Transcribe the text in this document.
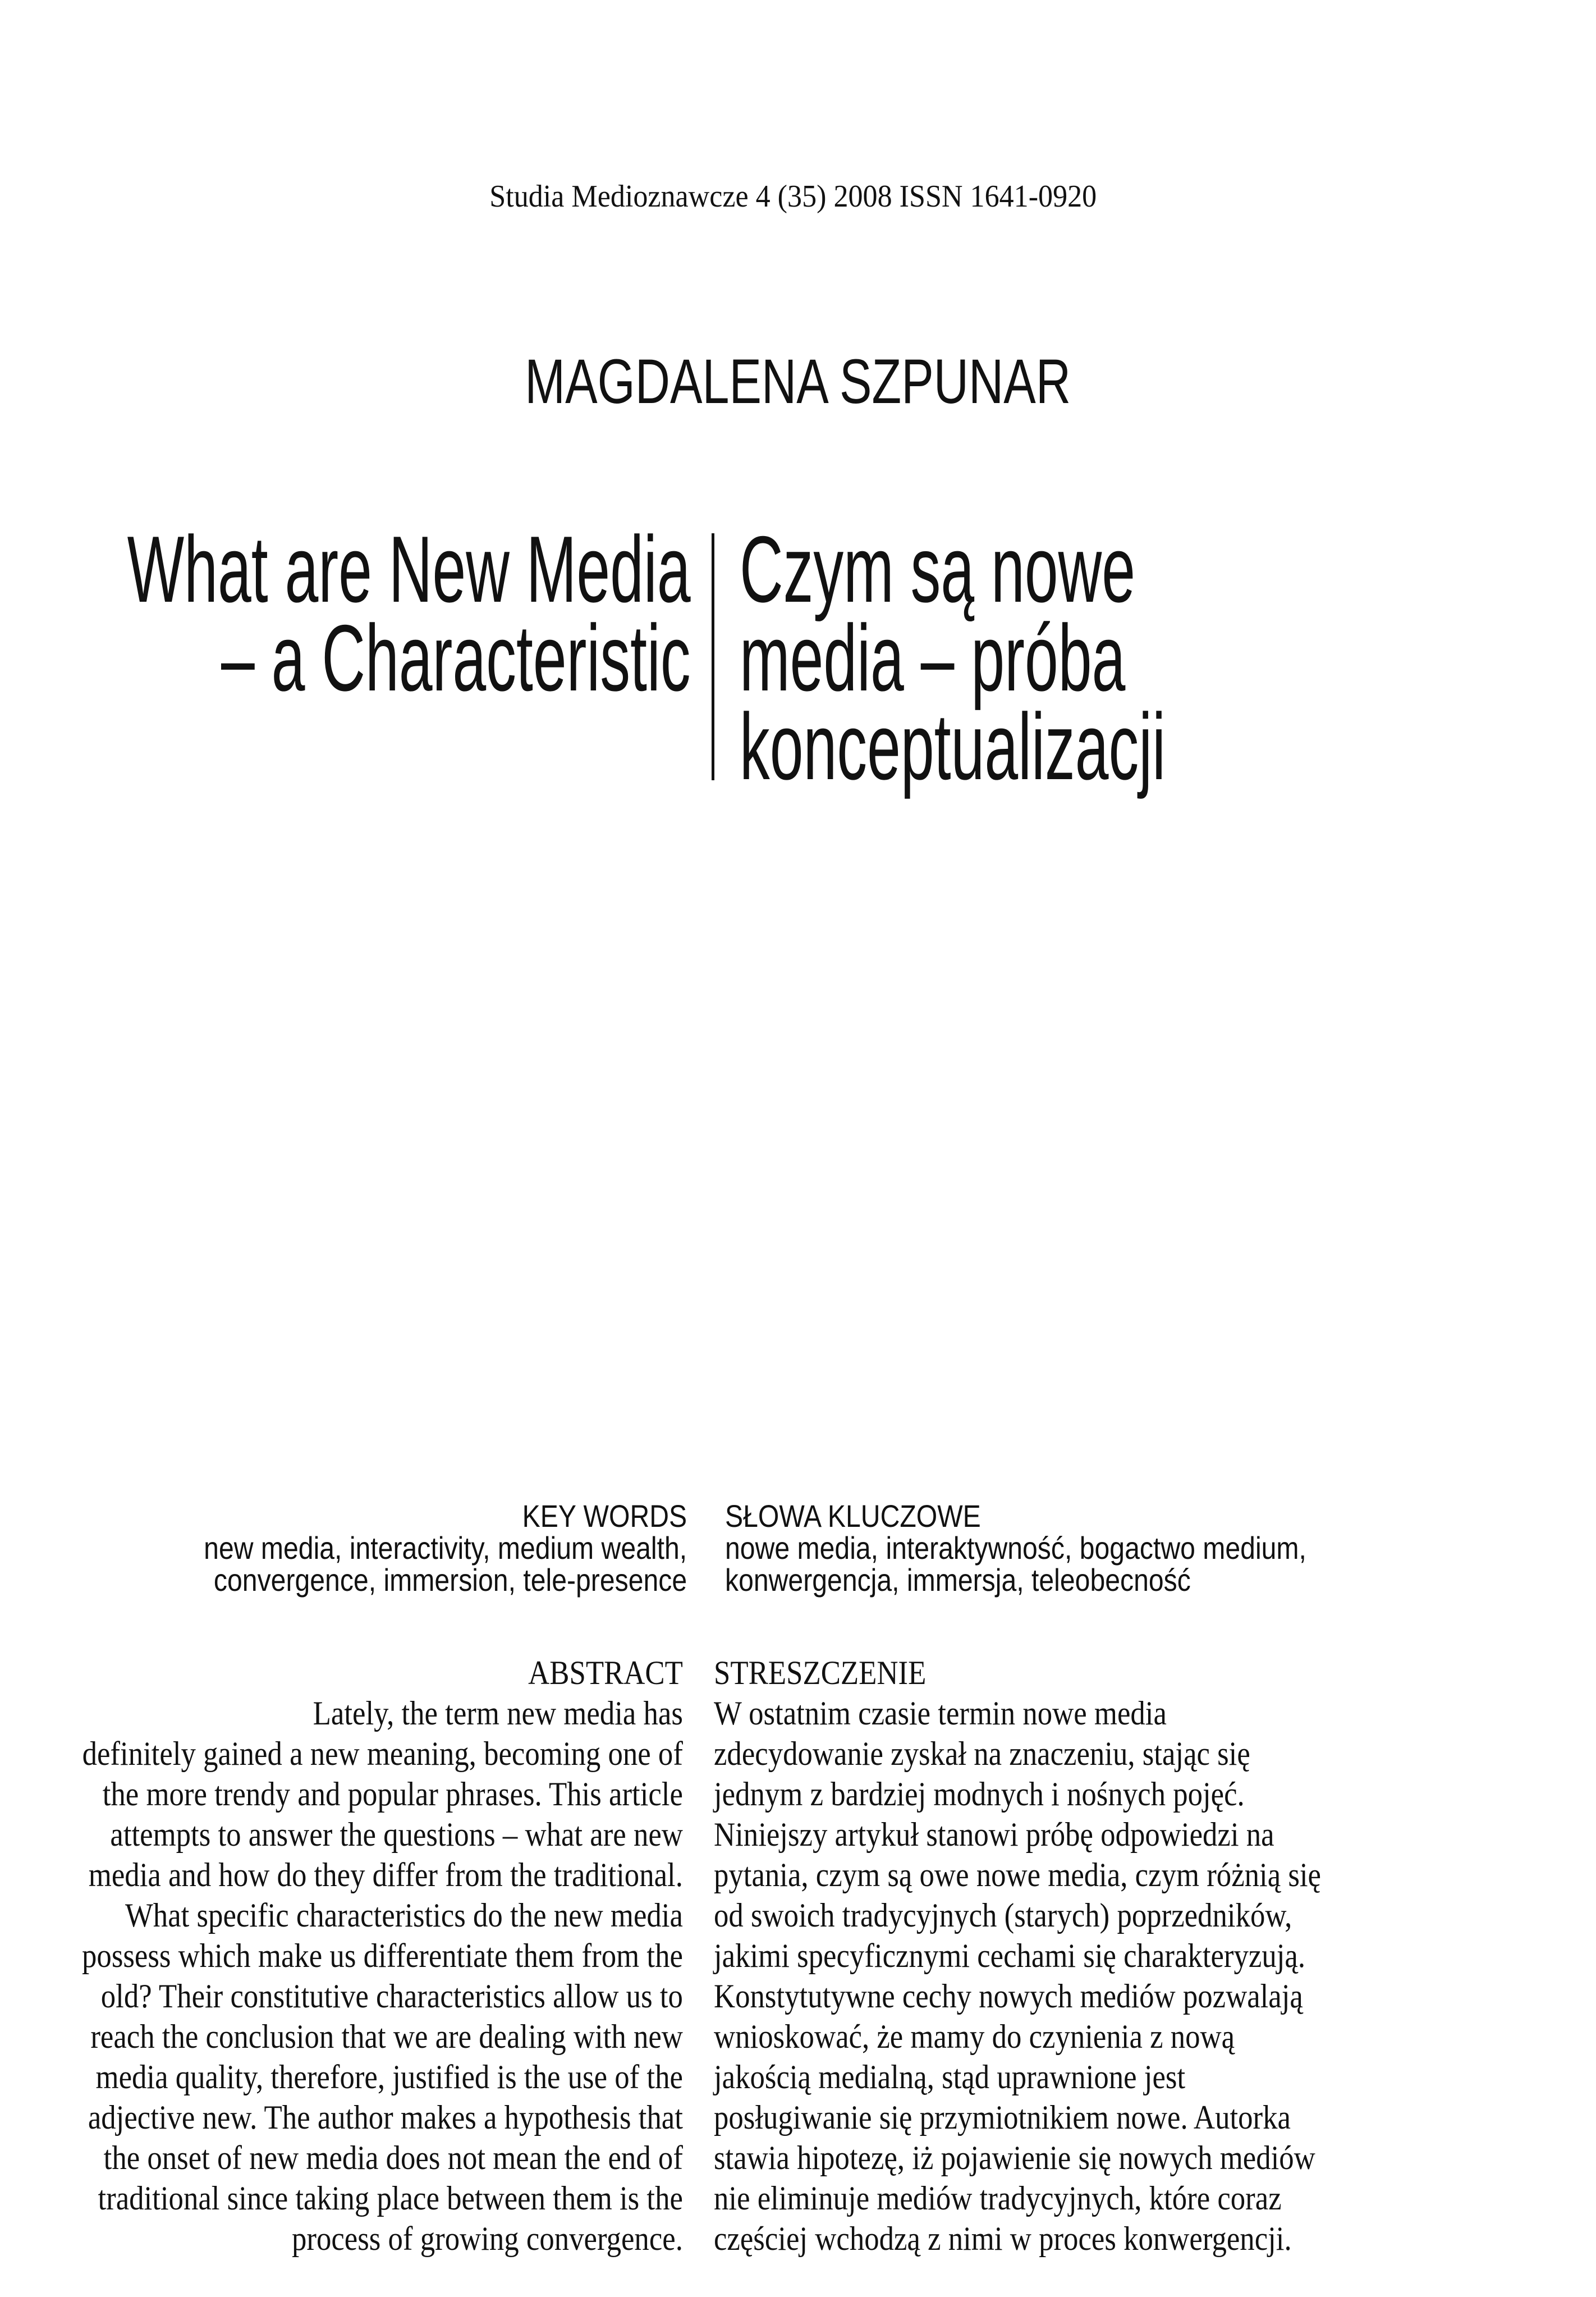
Studia Medioznawcze 4 (35) 2008 ISSN 1641-0920
MAGDALENA SZPUNAR
What are New Media
– a Characteristic
Czym są nowe
media – próba
konceptualizacji
KEY WORDS
new media, interactivity, medium wealth,
convergence, immersion, tele-presence
SŁOWA KLUCZOWE
nowe media, interaktywność, bogactwo medium,
konwergencja, immersja, teleobecność
ABSTRACT
Lately, the term new media has
definitely gained a new meaning, becoming one of
the more trendy and popular phrases. This article
attempts to answer the questions – what are new
media and how do they differ from the traditional.
What specific characteristics do the new media
possess which make us differentiate them from the
old? Their constitutive characteristics allow us to
reach the conclusion that we are dealing with new
media quality, therefore, justified is the use of the
adjective new. The author makes a hypothesis that
the onset of new media does not mean the end of
traditional since taking place between them is the
process of growing convergence.
STRESZCZENIE
W ostatnim czasie termin nowe media
zdecydowanie zyskał na znaczeniu, stając się
jednym z bardziej modnych i nośnych pojęć.
Niniejszy artykuł stanowi próbę odpowiedzi na
pytania, czym są owe nowe media, czym różnią się
od swoich tradycyjnych (starych) poprzedników,
jakimi specyficznymi cechami się charakteryzują.
Konstytutywne cechy nowych mediów pozwalają
wnioskować, że mamy do czynienia z nową
jakością medialną, stąd uprawnione jest
posługiwanie się przymiotnikiem nowe. Autorka
stawia hipotezę, iż pojawienie się nowych mediów
nie eliminuje mediów tradycyjnych, które coraz
częściej wchodzą z nimi w proces konwergencji.
